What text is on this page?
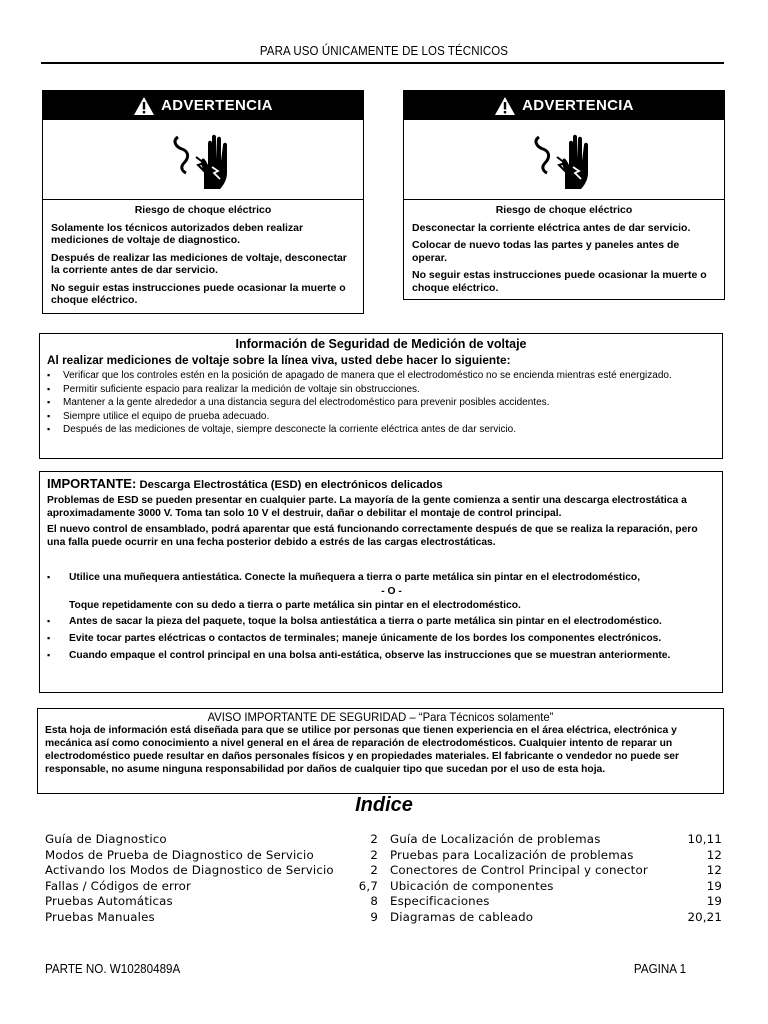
PARA USO ÚNICAMENTE DE LOS TÉCNICOS
ADVERTENCIA
Riesgo de choque eléctrico

Solamente los técnicos autorizados deben realizar mediciones de voltaje de diagnostico.

Después de realizar las mediciones de voltaje, desconectar la corriente antes de dar servicio.

No seguir estas instrucciones puede ocasionar la muerte o choque eléctrico.

ADVERTENCIA
Riesgo de choque eléctrico

Desconectar la corriente eléctrica antes de dar servicio.

Colocar de nuevo todas las partes y paneles antes de operar.

No seguir estas instrucciones puede ocasionar la muerte o choque eléctrico.

Información de Seguridad de Medición de voltaje
Al realizar mediciones de voltaje sobre la línea viva, usted debe hacer lo siguiente:
▪ Verificar que los controles estén en la posición de apagado de manera que el electrodoméstico no se encienda mientras esté energizado.
▪ Permitir suficiente espacio para realizar la medición de voltaje sin obstrucciones.
▪ Mantener a la gente alrededor a una distancia segura del electrodoméstico para prevenir posibles accidentes.
▪ Siempre utilice el equipo de prueba adecuado.
▪ Después de las mediciones de voltaje, siempre desconecte la corriente eléctrica antes de dar servicio.
IMPORTANTE: Descarga Electrostática (ESD) en electrónicos delicados

Problemas de ESD se pueden presentar en cualquier parte. La mayoría de la gente comienza a sentir una descarga electrostática a aproximadamente 3000 V. Toma tan solo 10 V el destruir, dañar o debilitar el montaje de control principal.

El nuevo control de ensamblado, podrá aparentar que está funcionando correctamente después de que se realiza la reparación, pero una falla puede ocurrir en una fecha posterior debido a estrés de las cargas electrostáticas.

▪ Utilice una muñequera antiestática. Conecte la muñequera a tierra o parte metálica sin pintar en el electrodoméstico,
- O -
Toque repetidamente con su dedo a tierra o parte metálica sin pintar en el electrodoméstico.
▪ Antes de sacar la pieza del paquete, toque la bolsa antiestática a tierra o parte metálica sin pintar en el electrodoméstico.
▪ Evite tocar partes eléctricas o contactos de terminales; maneje únicamente de los bordes los componentes electrónicos.
▪ Cuando empaque el control principal en una bolsa anti-estática, observe las instrucciones que se muestran anteriormente.
AVISO IMPORTANTE DE SEGURIDAD – “Para Técnicos solamente”

Esta hoja de información está diseñada para que se utilice por personas que tienen experiencia en el área eléctrica, electrónica y mecánica así como conocimiento a nivel general en el área de reparación de electrodomésticos. Cualquier intento de reparar un electrodoméstico puede resultar en daños personales físicos y en propiedades materiales. El fabricante o vendedor no puede ser responsable, no asume ninguna responsabilidad por daños de cualquier tipo que sucedan por el uso de esta hoja.

Indice
Guía de Diagnostico	2
Modos de Prueba de Diagnostico de Servicio	2
Activando los Modos de Diagnostico de Servicio	2
Fallas / Códigos de error	6,7
Pruebas Automáticas	8
Pruebas Manuales	9
Guía de Localización de problemas	10,11
Pruebas para Localización de problemas	12
Conectores de Control Principal y conector	12
Ubicación de componentes	19
Especificaciones	19
Diagramas de cableado	20,21
PARTE NO. W10280489A	PAGINA 1
